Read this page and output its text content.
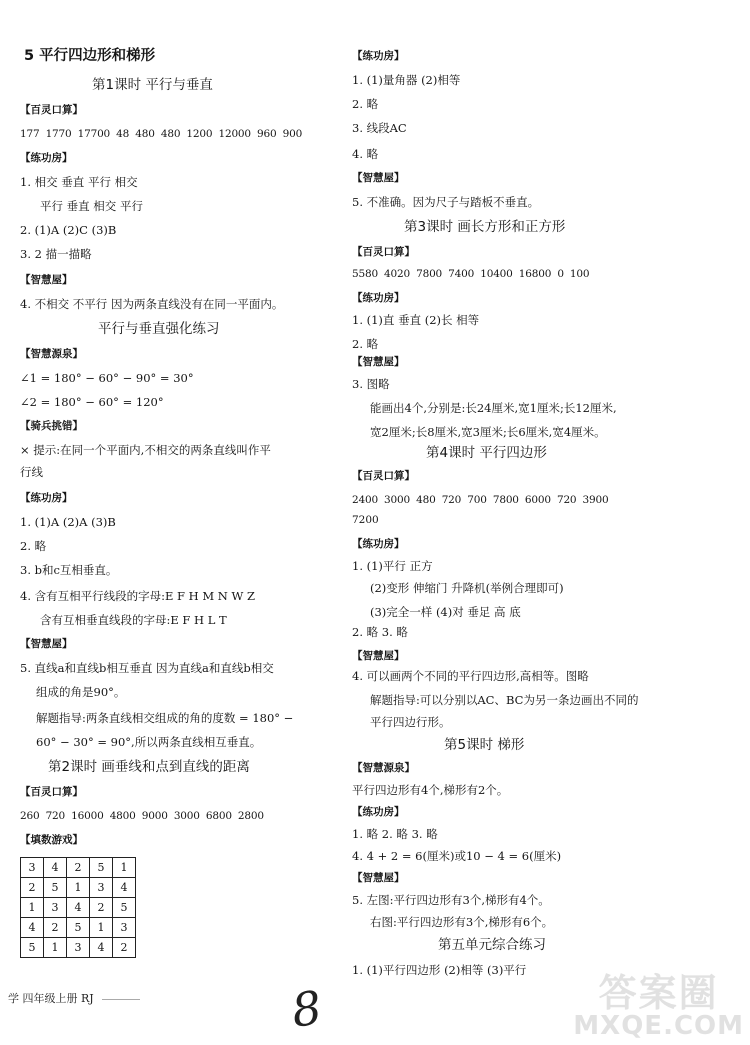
5 平行四边形和梯形
第1课时 平行与垂直
【百灵口算】
177 1770 17700 48 480 480 1200 12000 960 900
【练功房】
1. 相交 垂直 平行 相交
平行 垂直 相交 平行
2. (1)A (2)C (3)B
3. 2 描一描略
【智慧屋】
4. 不相交 不平行 因为两条直线没有在同一平面内。
平行与垂直强化练习
【智慧源泉】
∠1 = 180° − 60° − 90° = 30°
∠2 = 180° − 60° = 120°
【骑兵挑错】
× 提示:在同一个平面内,不相交的两条直线叫作平
行线
【练功房】
1. (1)A (2)A (3)B
2. 略
3. b和c互相垂直。
4. 含有互相平行线段的字母:E F H M N W Z
含有互相垂直线段的字母:E F H L T
【智慧屋】
5. 直线a和直线b相互垂直 因为直线a和直线b相交
组成的角是90°。
解题指导:两条直线相交组成的角的度数 = 180° −
60° − 30° = 90°,所以两条直线相互垂直。
第2课时 画垂线和点到直线的距离
【百灵口算】
260 720 16000 4800 9000 3000 6800 2800
【填数游戏】
3	4	2	5	1
2	5	1	3	4
1	3	4	2	5
4	2	5	1	3
5	1	3	4	2
学 四年级上册 RJ
【练功房】
1. (1)量角器 (2)相等
2. 略
3. 线段AC
4. 略
【智慧屋】
5. 不准确。因为尺子与踏板不垂直。
第3课时 画长方形和正方形
【百灵口算】
5580 4020 7800 7400 10400 16800 0 100
【练功房】
1. (1)直 垂直 (2)长 相等
2. 略
【智慧屋】
3. 图略
能画出4个,分别是:长24厘米,宽1厘米;长12厘米,
宽2厘米;长8厘米,宽3厘米;长6厘米,宽4厘米。
第4课时 平行四边形
【百灵口算】
2400 3000 480 720 700 7800 6000 720 3900
7200
【练功房】
1. (1)平行 正方
(2)变形 伸缩门 升降机(举例合理即可)
(3)完全一样 (4)对 垂足 高 底
2. 略 3. 略
【智慧屋】
4. 可以画两个不同的平行四边形,高相等。图略
解题指导:可以分别以AC、BC为另一条边画出不同的
平行四边行形。
第5课时 梯形
【智慧源泉】
平行四边形有4个,梯形有2个。
【练功房】
1. 略 2. 略 3. 略
4. 4 + 2 = 6(厘米)或10 − 4 = 6(厘米)
【智慧屋】
5. 左图:平行四边形有3个,梯形有4个。
右图:平行四边形有3个,梯形有6个。
第五单元综合练习
1. (1)平行四边形 (2)相等 (3)平行
8	答案圈
MXQE.COM
